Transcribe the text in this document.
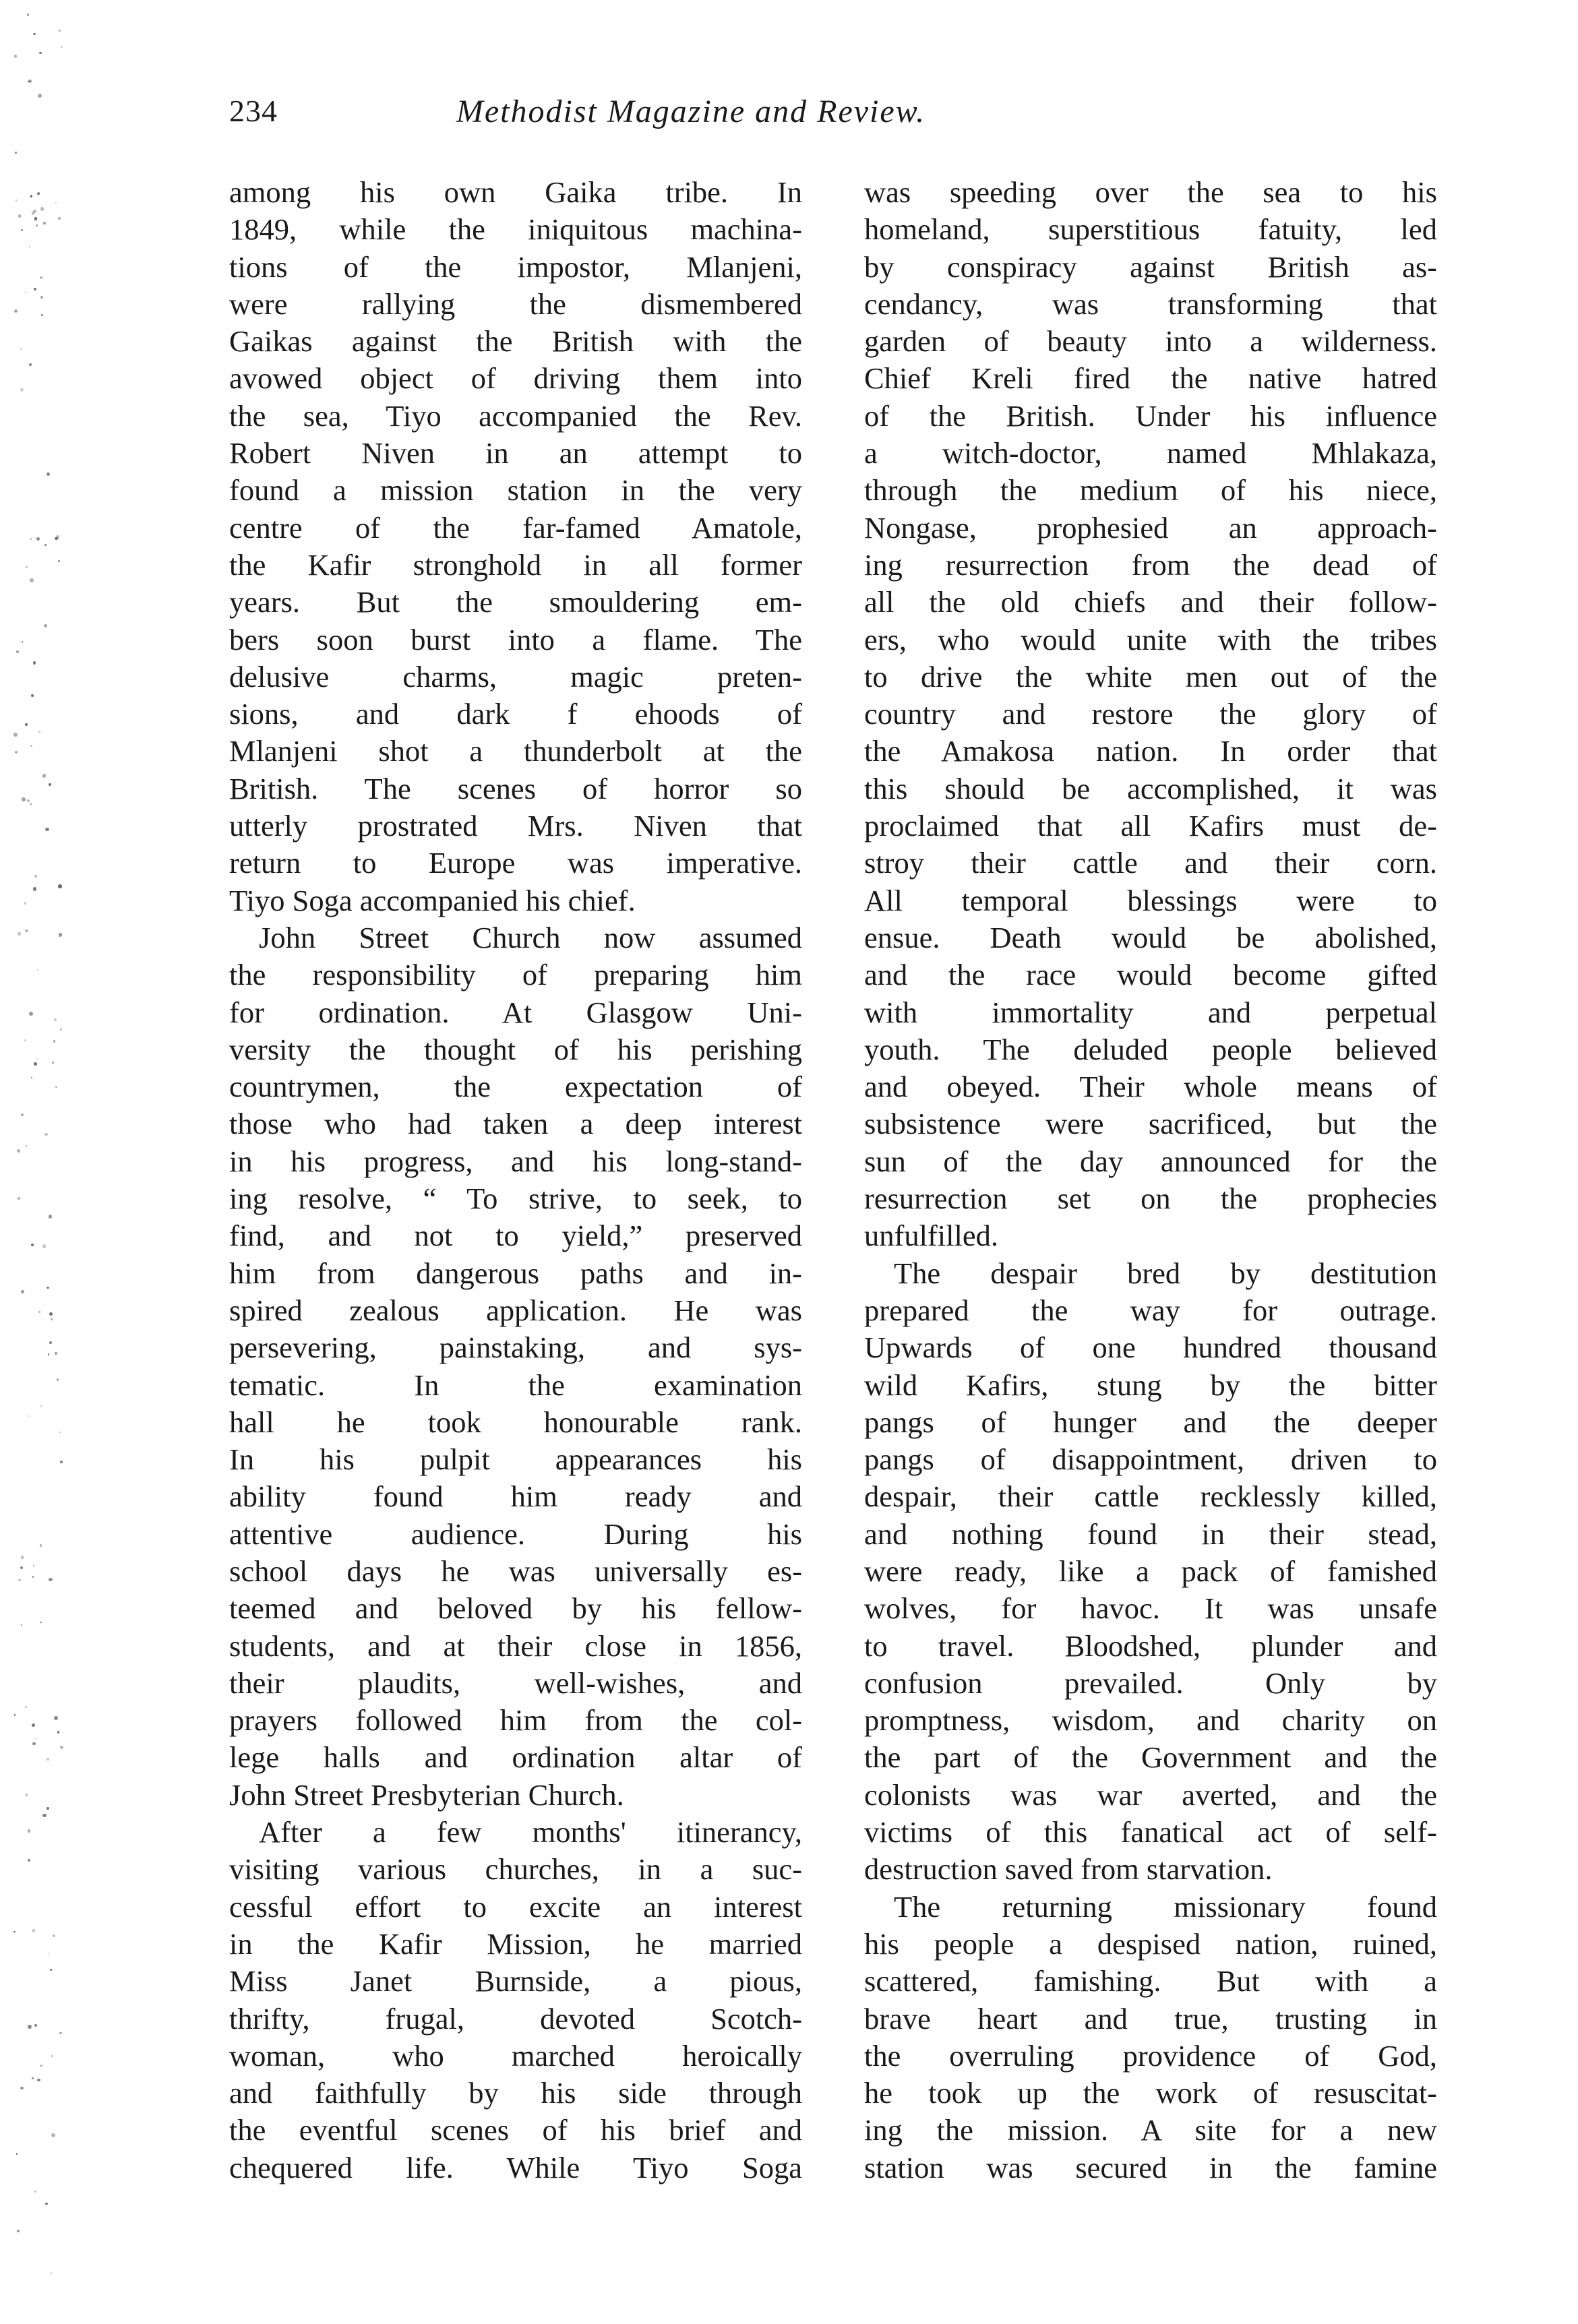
Methodist Magazine and Review.
234
among his own Gaika tribe. In
1849, while the iniquitous machina-
tions of the impostor, Mlanjeni,
were rallying the dismembered
Gaikas against the British with the
avowed object of driving them into
the sea, Tiyo accompanied the Rev.
Robert Niven in an attempt to
found a mission station in the very
centre of the far-famed Amatole,
the Kafir stronghold in all former
years. But the smouldering em-
bers soon burst into a flame. The
delusive charms, magic preten-
sions, and dark f ehoods of
Mlanjeni shot a thunderbolt at the
British. The scenes of horror so
utterly prostrated Mrs. Niven that
return to Europe was imperative.
Tiyo Soga accompanied his chief.
John Street Church now assumed
the responsibility of preparing him
for ordination. At Glasgow Uni-
versity the thought of his perishing
countrymen, the expectation of
those who had taken a deep interest
in his progress, and his long-stand-
ing resolve, “ To strive, to seek, to
find, and not to yield,” preserved
him from dangerous paths and in-
spired zealous application. He was
persevering, painstaking, and sys-
tematic. In the examination
hall he took honourable rank.
In his pulpit appearances his
ability found him ready and
attentive audience. During his
school days he was universally es-
teemed and beloved by his fellow-
students, and at their close in 1856,
their plaudits, well-wishes, and
prayers followed him from the col-
lege halls and ordination altar of
John Street Presbyterian Church.
After a few months' itinerancy,
visiting various churches, in a suc-
cessful effort to excite an interest
in the Kafir Mission, he married
Miss Janet Burnside, a pious,
thrifty, frugal, devoted Scotch-
woman, who marched heroically
and faithfully by his side through
the eventful scenes of his brief and
chequered life. While Tiyo Soga
was speeding over the sea to his
homeland, superstitious fatuity, led
by conspiracy against British as-
cendancy, was transforming that
garden of beauty into a wilderness.
Chief Kreli fired the native hatred
of the British. Under his influence
a witch-doctor, named Mhlakaza,
through the medium of his niece,
Nongase, prophesied an approach-
ing resurrection from the dead of
all the old chiefs and their follow-
ers, who would unite with the tribes
to drive the white men out of the
country and restore the glory of
the Amakosa nation. In order that
this should be accomplished, it was
proclaimed that all Kafirs must de-
stroy their cattle and their corn.
All temporal blessings were to
ensue. Death would be abolished,
and the race would become gifted
with immortality and perpetual
youth. The deluded people believed
and obeyed. Their whole means of
subsistence were sacrificed, but the
sun of the day announced for the
resurrection set on the prophecies
unfulfilled.
The despair bred by destitution
prepared the way for outrage.
Upwards of one hundred thousand
wild Kafirs, stung by the bitter
pangs of hunger and the deeper
pangs of disappointment, driven to
despair, their cattle recklessly killed,
and nothing found in their stead,
were ready, like a pack of famished
wolves, for havoc. It was unsafe
to travel. Bloodshed, plunder and
confusion prevailed. Only by
promptness, wisdom, and charity on
the part of the Government and the
colonists was war averted, and the
victims of this fanatical act of self-
destruction saved from starvation.
The returning missionary found
his people a despised nation, ruined,
scattered, famishing. But with a
brave heart and true, trusting in
the overruling providence of God,
he took up the work of resuscitat-
ing the mission. A site for a new
station was secured in the famine
